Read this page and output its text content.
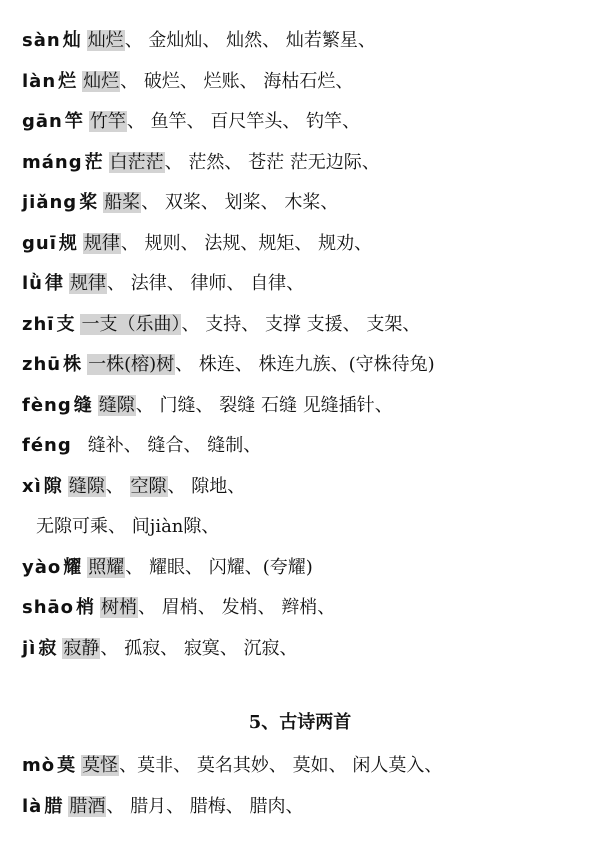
sàn 灿 灿烂、 金灿灿、 灿然、 灿若繁星、
làn 烂 灿烂、 破烂、 烂账、 海枯石烂、
gān 竿 竹竿、 鱼竿、 百尺竿头、 钓竿、
máng 茫 白茫茫、 茫然、 苍茫 茫无边际、
jiǎng 桨 船桨、 双桨、 划桨、 木桨、
guī 规 规律、 规则、 法规、规矩、 规劝、
lǜ 律 规律、 法律、 律师、 自律、
zhī 支 一支（乐曲）、 支持、 支撑 支援、 支架、
zhū 株 一株(榕)树、 株连、 株连九族、(守株待兔)
fèng 缝 缝隙、 门缝、 裂缝 石缝 见缝插针、
féng 缝补、 缝合、 缝制、
xì 隙 缝隙、 空隙、 隙地、
无隙可乘、 间jiàn隙、
yào 耀 照耀、 耀眼、 闪耀、(夸耀)
shāo 梢 树梢、 眉梢、 发梢、 辫梢、
jì 寂 寂静、 孤寂、 寂寞、 沉寂、
5、古诗两首
mò 莫 莫怪、莫非、 莫名其妙、 莫如、 闲人莫入、
là 腊 腊酒、 腊月、 腊梅、 腊肉、
